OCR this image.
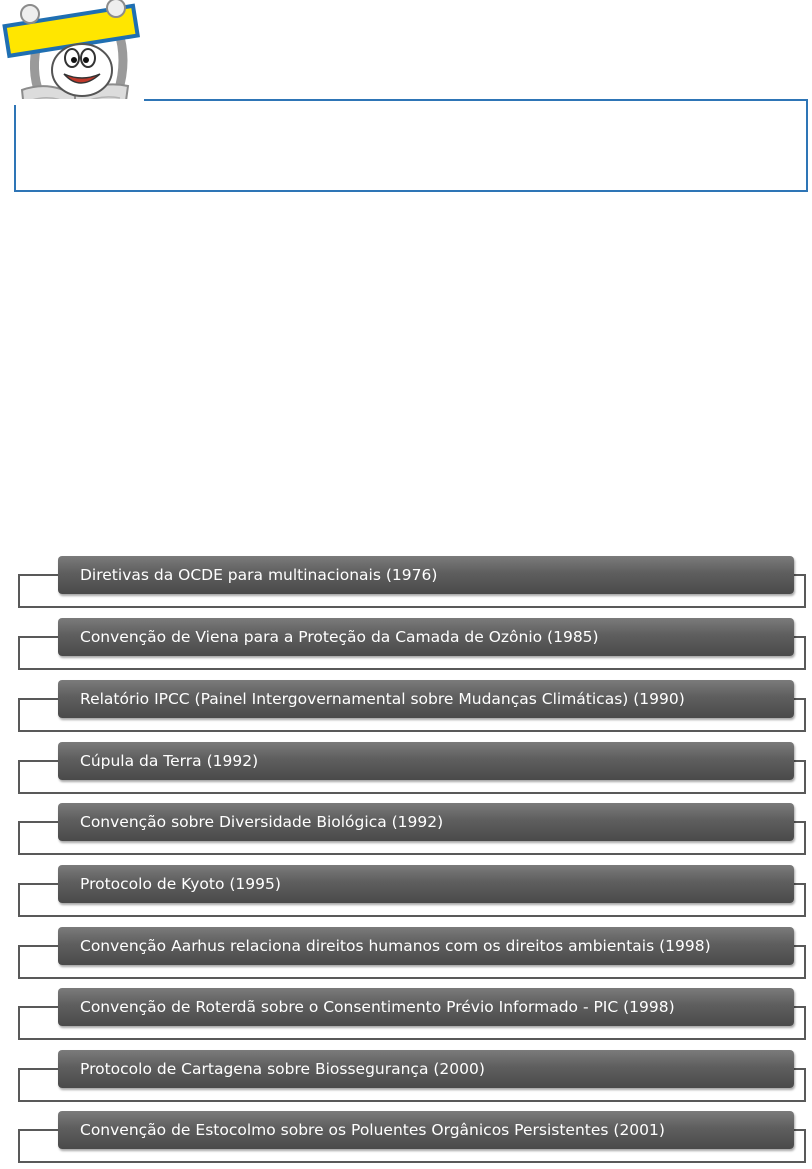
Diretivas da OCDE para multinacionais (1976)
Convenção de Viena para a Proteção da Camada de Ozônio (1985)
Relatório IPCC (Painel Intergovernamental sobre Mudanças Climáticas) (1990)
Cúpula da Terra (1992)
Convenção sobre Diversidade Biológica (1992)
Protocolo de Kyoto (1995)
Convenção Aarhus relaciona direitos humanos com os direitos ambientais (1998)
Convenção de Roterdã sobre o Consentimento Prévio Informado - PIC (1998)
Protocolo de Cartagena sobre Biossegurança (2000)
Convenção de Estocolmo sobre os Poluentes Orgânicos Persistentes (2001)
